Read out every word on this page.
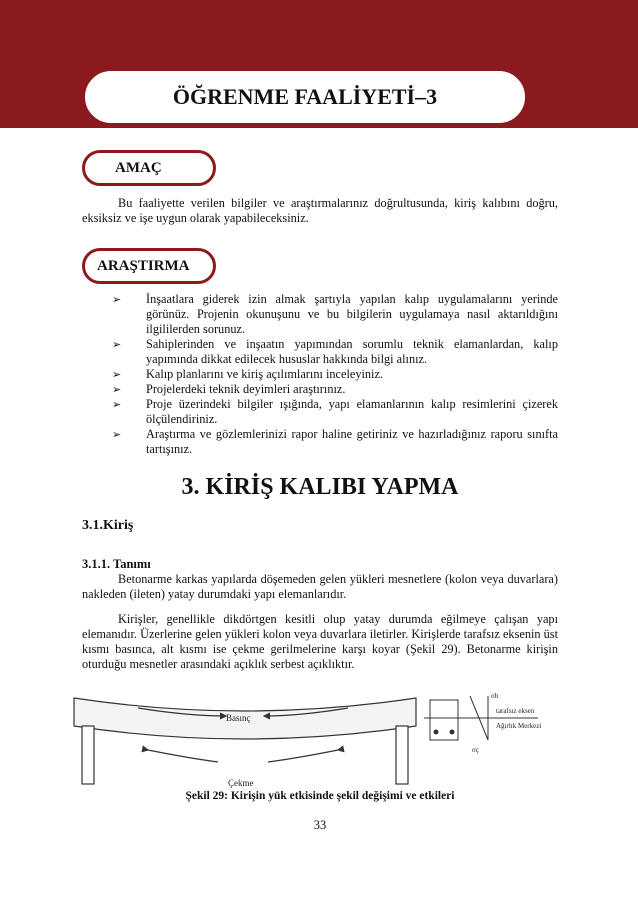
ÖĞRENME FAALİYETİ–3
AMAÇ
Bu faaliyette verilen bilgiler ve araştırmalarınız doğrultusunda, kiriş kalıbını doğru, eksiksiz ve işe uygun olarak yapabileceksiniz.
ARAŞTIRMA
➢ İnşaatlara giderek izin almak şartıyla yapılan kalıp uygulamalarını yerinde görünüz. Projenin okunuşunu ve bu bilgilerin uygulamaya nasıl aktarıldığını ilgililerden sorunuz.
➢ Sahiplerinden ve inşaatın yapımından sorumlu teknik elamanlardan, kalıp yapımında dikkat edilecek hususlar hakkında bilgi alınız.
➢ Kalıp planlarını ve kiriş açılımlarını inceleyiniz.
➢ Projelerdeki teknik deyimleri araştırınız.
➢ Proje üzerindeki bilgiler ışığında, yapı elamanlarının kalıp resimlerini çizerek ölçülendiriniz.
➢ Araştırma ve gözlemlerinizi rapor haline getiriniz ve hazırladığınız raporu sınıfta tartışınız.
3. KİRİŞ KALIBI YAPMA
3.1.Kiriş
3.1.1. Tanımı
Betonarme karkas yapılarda döşemeden gelen yükleri mesnetlere (kolon veya duvarlara) nakleden (ileten) yatay durumdaki yapı elemanlarıdır.
Kirişler, genellikle dikdörtgen kesitli olup yatay durumda eğilmeye çalışan yapı elemanıdır. Üzerlerine gelen yükleri kolon veya duvarlara iletirler. Kirişlerde tarafsız eksenin üst kısmı basınca, alt kısmı ise çekme gerilmelerine karşı koyar (Şekil 29). Betonarme kirişin oturduğu mesnetler arasındaki açıklık serbest açıklıktır.
Basınç
Çekme
σb
tarafsız eksen
Ağırlık Merkezi
σç
Şekil 29: Kirişin yük etkisinde şekil değişimi ve etkileri
33
